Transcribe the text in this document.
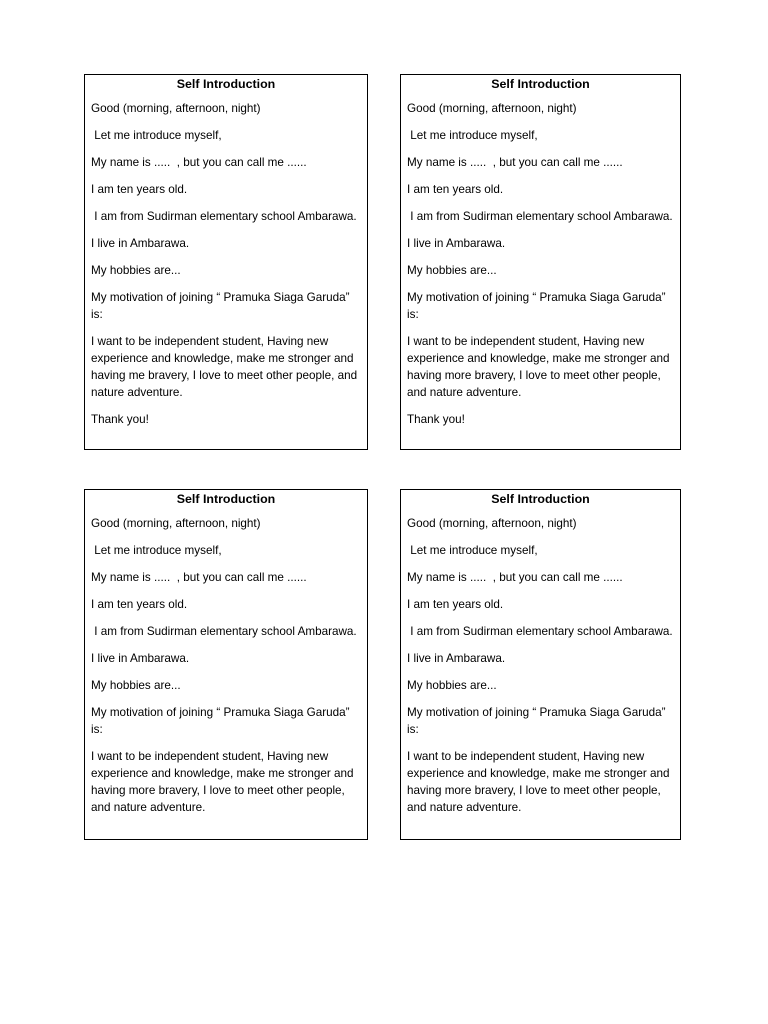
Self Introduction

Good (morning, afternoon, night)

Let me introduce myself,

My name is .....  , but you can call me ......

I am ten years old.

I am from Sudirman elementary school Ambarawa.

I live in Ambarawa.

My hobbies are...

My motivation of joining “ Pramuka Siaga Garuda” is:

I want to be independent student, Having new experience and knowledge, make me stronger and having me bravery, I love to meet other people, and nature adventure.

Thank you!

Self Introduction

Good (morning, afternoon, night)

Let me introduce myself,

My name is .....  , but you can call me ......

I am ten years old.

I am from Sudirman elementary school Ambarawa.

I live in Ambarawa.

My hobbies are...

My motivation of joining “ Pramuka Siaga Garuda” is:

I want to be independent student, Having new experience and knowledge, make me stronger and having more bravery, I love to meet other people, and nature adventure.

Thank you!

Self Introduction

Good (morning, afternoon, night)

Let me introduce myself,

My name is .....  , but you can call me ......

I am ten years old.

I am from Sudirman elementary school Ambarawa.

I live in Ambarawa.

My hobbies are...

My motivation of joining “ Pramuka Siaga Garuda” is:

I want to be independent student, Having new experience and knowledge, make me stronger and having more bravery, I love to meet other people, and nature adventure.

Self Introduction

Good (morning, afternoon, night)

Let me introduce myself,

My name is .....  , but you can call me ......

I am ten years old.

I am from Sudirman elementary school Ambarawa.

I live in Ambarawa.

My hobbies are...

My motivation of joining “ Pramuka Siaga Garuda” is:

I want to be independent student, Having new experience and knowledge, make me stronger and having more bravery, I love to meet other people, and nature adventure.
